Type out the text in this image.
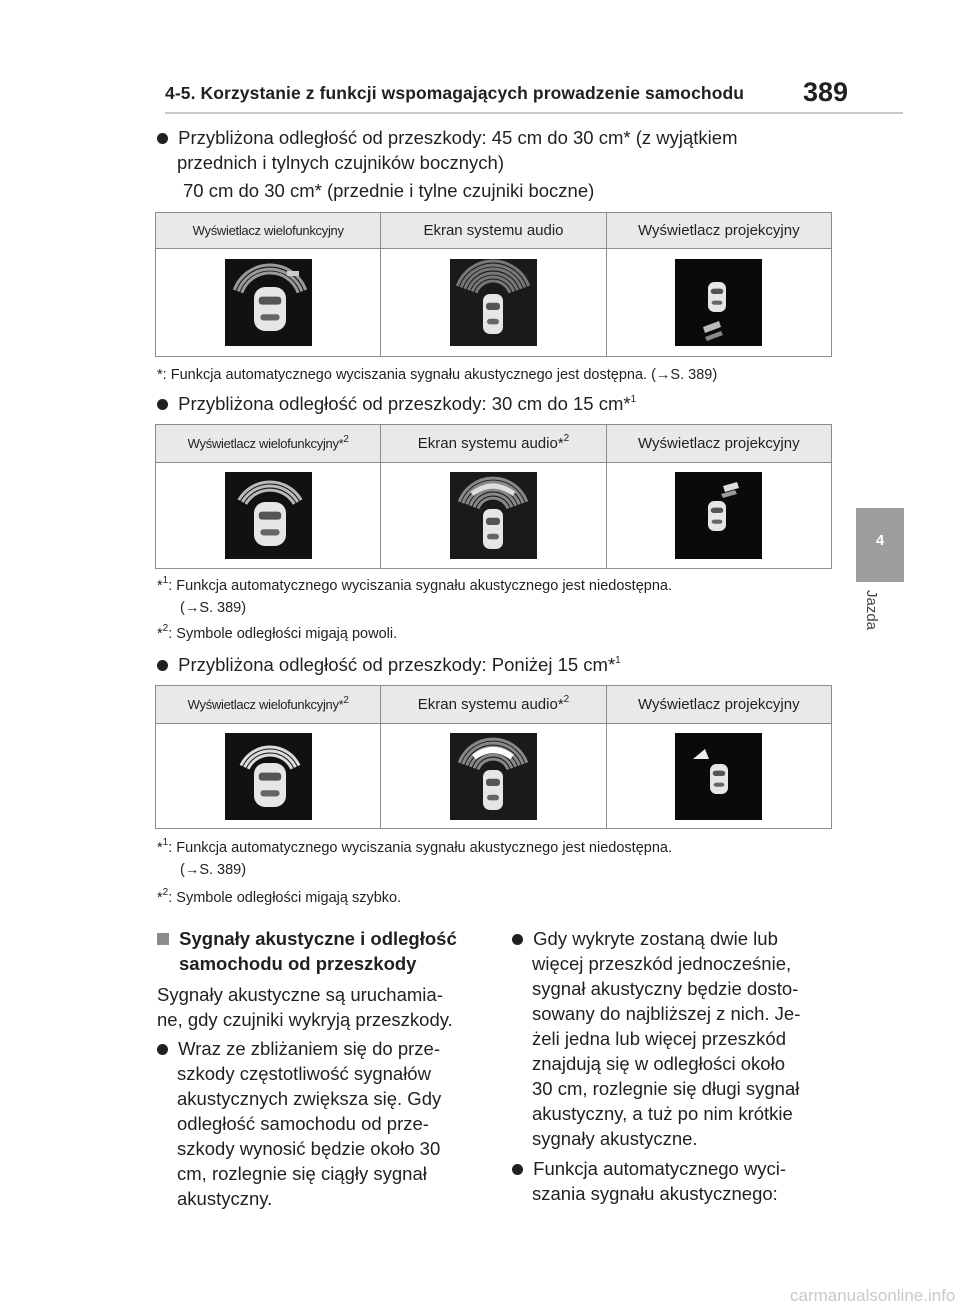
4-5. Korzystanie z funkcji wspomagających prowadzenie samochodu 389
4
Jazda
Przybliżona odległość od przeszkody: 45 cm do 30 cm* (z wyjątkiem
przednich i tylnych czujników bocznych)
70 cm do 30 cm* (przednie i tylne czujniki boczne)
Wyświetlacz wielofunkcyjny	Ekran systemu audio	Wyświetlacz projekcyjny

*: Funkcja automatycznego wyciszania sygnału akustycznego jest dostępna. (→S. 389)
Przybliżona odległość od przeszkody: 30 cm do 15 cm*$^1$
Wyświetlacz wielofunkcyjny*$^2$	Ekran systemu audio*$^2$	Wyświetlacz projekcyjny

*$^1$: Funkcja automatycznego wyciszania sygnału akustycznego jest niedostępna.
(→S. 389)
*$^2$: Symbole odległości migają powoli.
Przybliżona odległość od przeszkody: Poniżej 15 cm*$^1$
Wyświetlacz wielofunkcyjny*$^2$	Ekran systemu audio*$^2$	Wyświetlacz projekcyjny

*$^1$: Funkcja automatycznego wyciszania sygnału akustycznego jest niedostępna.
(→S. 389)
*$^2$: Symbole odległości migają szybko.
Sygnały akustyczne i odległość
samochodu od przeszkody
Sygnały akustyczne są uruchamia-
ne, gdy czujniki wykryją przeszkody.
Wraz ze zbliżaniem się do prze-
szkody częstotliwość sygnałów
akustycznych zwiększa się. Gdy
odległość samochodu od prze-
szkody wynosić będzie około 30
cm, rozlegnie się ciągły sygnał
akustyczny.
Gdy wykryte zostaną dwie lub
więcej przeszkód jednocześnie,
sygnał akustyczny będzie dosto-
sowany do najbliższej z nich. Je-
żeli jedna lub więcej przeszkód
znajdują się w odległości około
30 cm, rozlegnie się długi sygnał
akustyczny, a tuż po nim krótkie
sygnały akustyczne.
Funkcja automatycznego wyci-
szania sygnału akustycznego:
carmanualsonline.info
